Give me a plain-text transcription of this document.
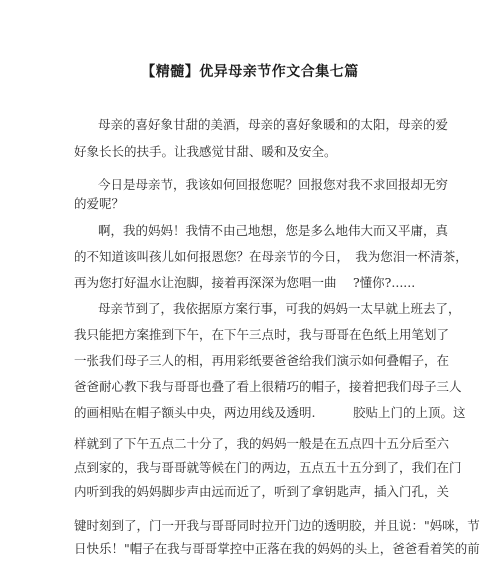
【精髓】优异母亲节作文合集七篇
母亲的喜好象甘甜的美酒，母亲的喜好象暖和的太阳，母亲的爱
好象长长的扶手。让我感觉甘甜、暖和及安全。
今日是母亲节，我该如何回报您呢？回报您对我不求回报却无穷
的爱呢？
啊，我的妈妈！我情不由己地想，您是多么地伟大而又平庸，真
的不知道该叫孩儿如何报恩您？在母亲节的今日，　我为您泪一杯清茶，
再为您打好温水让泡脚，接着再深深为您唱一曲　 ?懂你?......
母亲节到了，我依据原方案行事，可我的妈妈一太早就上班去了，
我只能把方案推到下午，在下午三点时，我与哥哥在色纸上用笔划了
一张我们母子三人的相，再用彩纸要爸爸给我们演示如何叠帽子，在
爸爸耐心教下我与哥哥也叠了看上很精巧的帽子，接着把我们母子三人
的画相贴在帽子额头中央，两边用线及透明.　　　胶贴上门的上顶。这
样就到了下午五点二十分了，我的妈妈一般是在五点四十五分后至六
点到家的，我与哥哥就等候在门的两边，五点五十五分到了，我们在门
内听到我的妈妈脚步声由远而近了，听到了拿钥匙声，插入门孔，关
键时刻到了，门一开我与哥哥同时拉开门边的透明胶，并且说："妈咪，节
日快乐！"帽子在我与哥哥掌控中正落在我的妈妈的头上，爸爸看着笑的前
